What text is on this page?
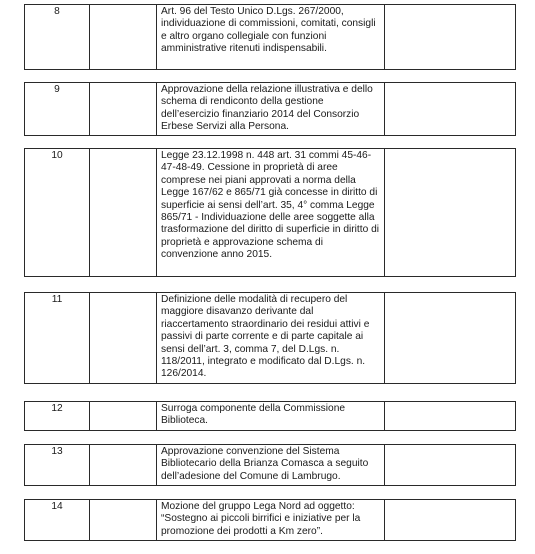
8		Art. 96 del Testo Unico D.Lgs. 267/2000, individuazione di commissioni, comitati, consigli e altro organo collegiale con funzioni amministrative ritenuti indispensabili.	
9		Approvazione della relazione illustrativa e dello schema di rendiconto della gestione dell’esercizio finanziario 2014 del Consorzio Erbese Servizi alla Persona.	
10		Legge 23.12.1998 n. 448 art. 31 commi 45-46-47-48-49. Cessione in proprietà di aree comprese nei piani approvati a norma della Legge 167/62 e 865/71 già concesse in diritto di superficie ai sensi dell’art. 35, 4° comma Legge 865/71 - Individuazione delle aree soggette alla trasformazione del diritto di superficie in diritto di proprietà e approvazione schema di convenzione anno 2015.	
11		Definizione delle modalità di recupero del maggiore disavanzo derivante dal riaccertamento straordinario dei residui attivi e passivi di parte corrente e di parte capitale ai sensi dell’art. 3, comma 7, del D.Lgs. n. 118/2011, integrato e modificato dal D.Lgs. n. 126/2014.	
12		Surroga componente della Commissione Biblioteca.	
13		Approvazione convenzione del Sistema Bibliotecario della Brianza Comasca a seguito dell’adesione del Comune di Lambrugo.	
14		Mozione del gruppo Lega Nord ad oggetto: “Sostegno ai piccoli birrifici e iniziative per la promozione dei prodotti a Km zero”.	
